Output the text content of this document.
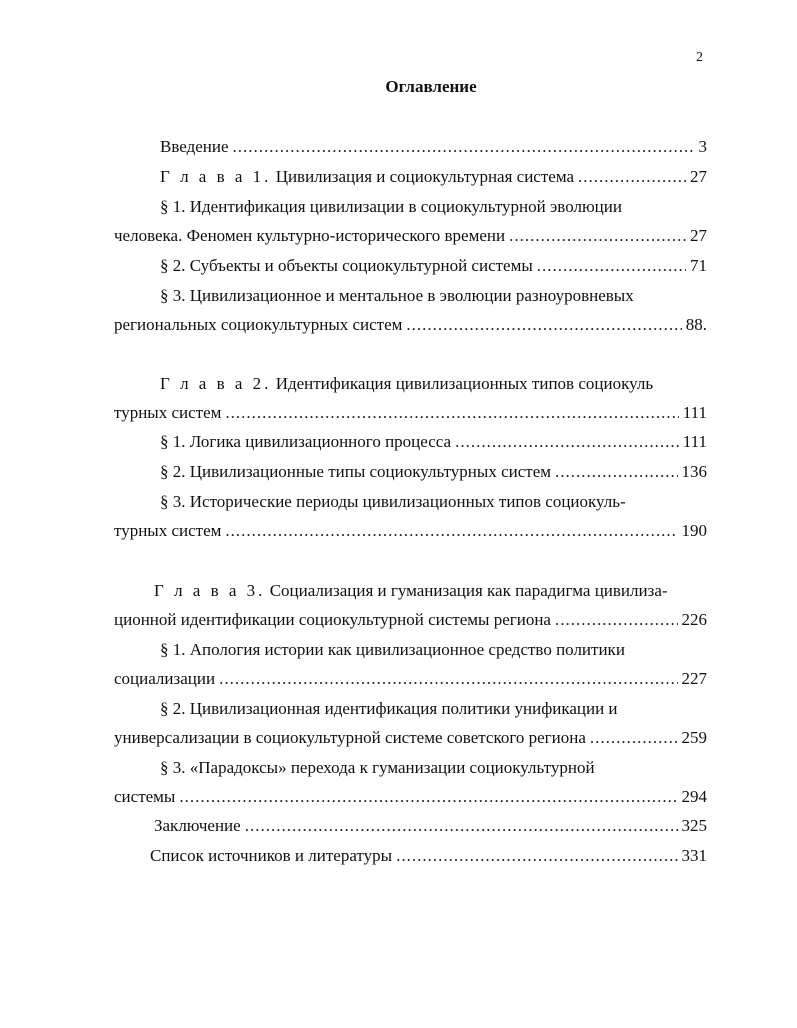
2
Оглавление
Введение .....	3
Г л а в а 1. Цивилизация и социокультурная система .....	27
§ 1. Идентификация цивилизации в социокультурной эволюции
человека. Феномен культурно-исторического времени .....	27
§ 2. Субъекты и объекты социокультурной системы .....	71
§ 3. Цивилизационное и ментальное в эволюции разноуровневых
региональных социокультурных систем .....	88.
Г л а в а 2. Идентификация цивилизационных типов социокуль
турных систем .....	111
§ 1. Логика цивилизационного процесса .....	111
§ 2. Цивилизационные типы социокультурных систем .....	136
§ 3. Исторические периоды цивилизационных типов социокуль-
турных систем .....	190
Г л а в а 3. Социализация и гуманизация как парадигма цивилиза-
ционной идентификации социокультурной системы региона .....	226
§ 1. Апология истории как цивилизационное средство политики
социализации .....	227
§ 2. Цивилизационная идентификация политики унификации и
универсализации в социокультурной системе советского региона .....	259
§ 3. «Парадоксы» перехода к гуманизации социокультурной
системы .....	294
Заключение .....	325
Список источников и литературы .....	331
